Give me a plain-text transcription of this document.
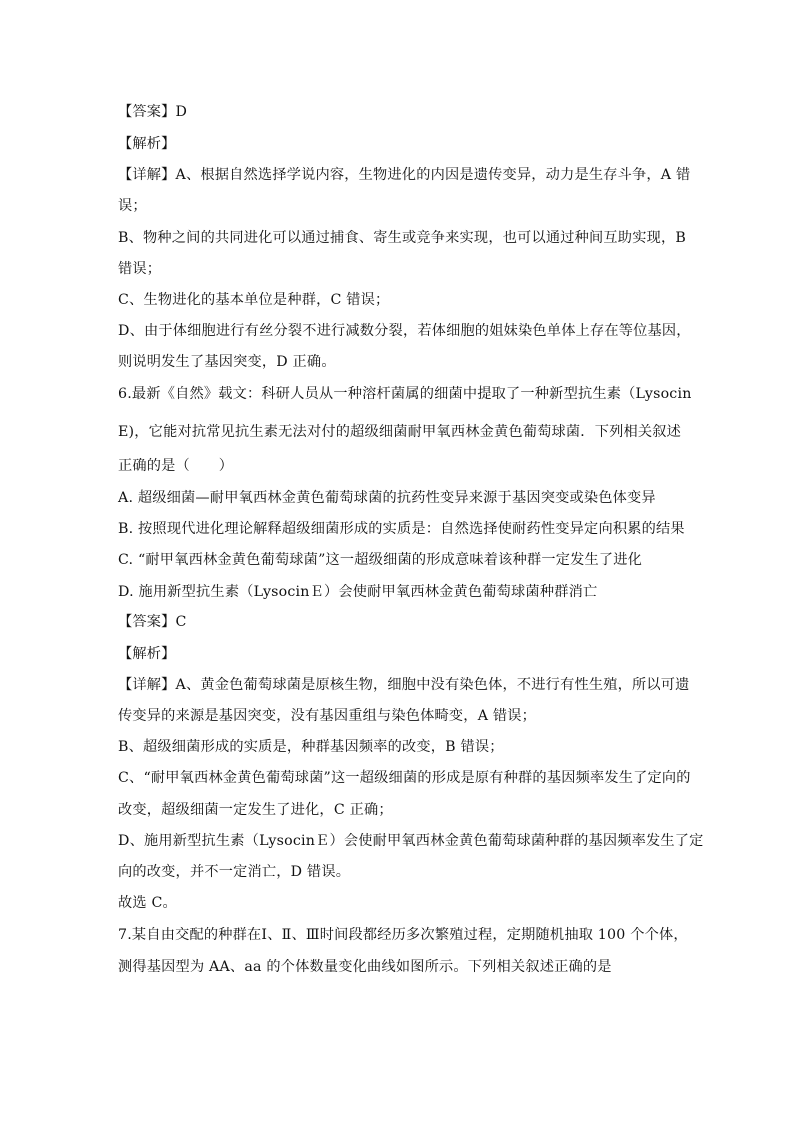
【答案】D
【解析】
【详解】A、根据自然选择学说内容，生物进化的内因是遗传变异，动力是生存斗争，A 错
误；
B、物种之间的共同进化可以通过捕食、寄生或竞争来实现，也可以通过种间互助实现，B
错误；
C、生物进化的基本单位是种群，C 错误；
D、由于体细胞进行有丝分裂不进行减数分裂，若体细胞的姐妹染色单体上存在等位基因，
则说明发生了基因突变，D 正确。
6.最新《自然》载文：科研人员从一种溶杆菌属的细菌中提取了一种新型抗生素（Lysocin
E)，它能对抗常见抗生素无法对付的超级细菌耐甲氧西林金黄色葡萄球菌．下列相关叙述
正确的是（　　）
A. 超级细菌—耐甲氧西林金黄色葡萄球菌的抗药性变异来源于基因突变或染色体变异
B. 按照现代进化理论解释超级细菌形成的实质是：自然选择使耐药性变异定向积累的结果
C. “耐甲氧西林金黄色葡萄球菌”这一超级细菌的形成意味着该种群一定发生了进化
D. 施用新型抗生素（LysocinＥ）会使耐甲氧西林金黄色葡萄球菌种群消亡
【答案】C
【解析】
【详解】A、黄金色葡萄球菌是原核生物，细胞中没有染色体，不进行有性生殖，所以可遗
传变异的来源是基因突变，没有基因重组与染色体畸变，A 错误；
B、超级细菌形成的实质是，种群基因频率的改变，B 错误；
C、“耐甲氧西林金黄色葡萄球菌”这一超级细菌的形成是原有种群的基因频率发生了定向的
改变，超级细菌一定发生了进化，C 正确；
D、施用新型抗生素（LysocinＥ）会使耐甲氧西林金黄色葡萄球菌种群的基因频率发生了定
向的改变，并不一定消亡，D 错误。
故选 C。
7.某自由交配的种群在Ⅰ、Ⅱ、Ⅲ时间段都经历多次繁殖过程，定期随机抽取 100 个个体，
测得基因型为 AA、aa 的个体数量变化曲线如图所示。下列相关叙述正确的是
